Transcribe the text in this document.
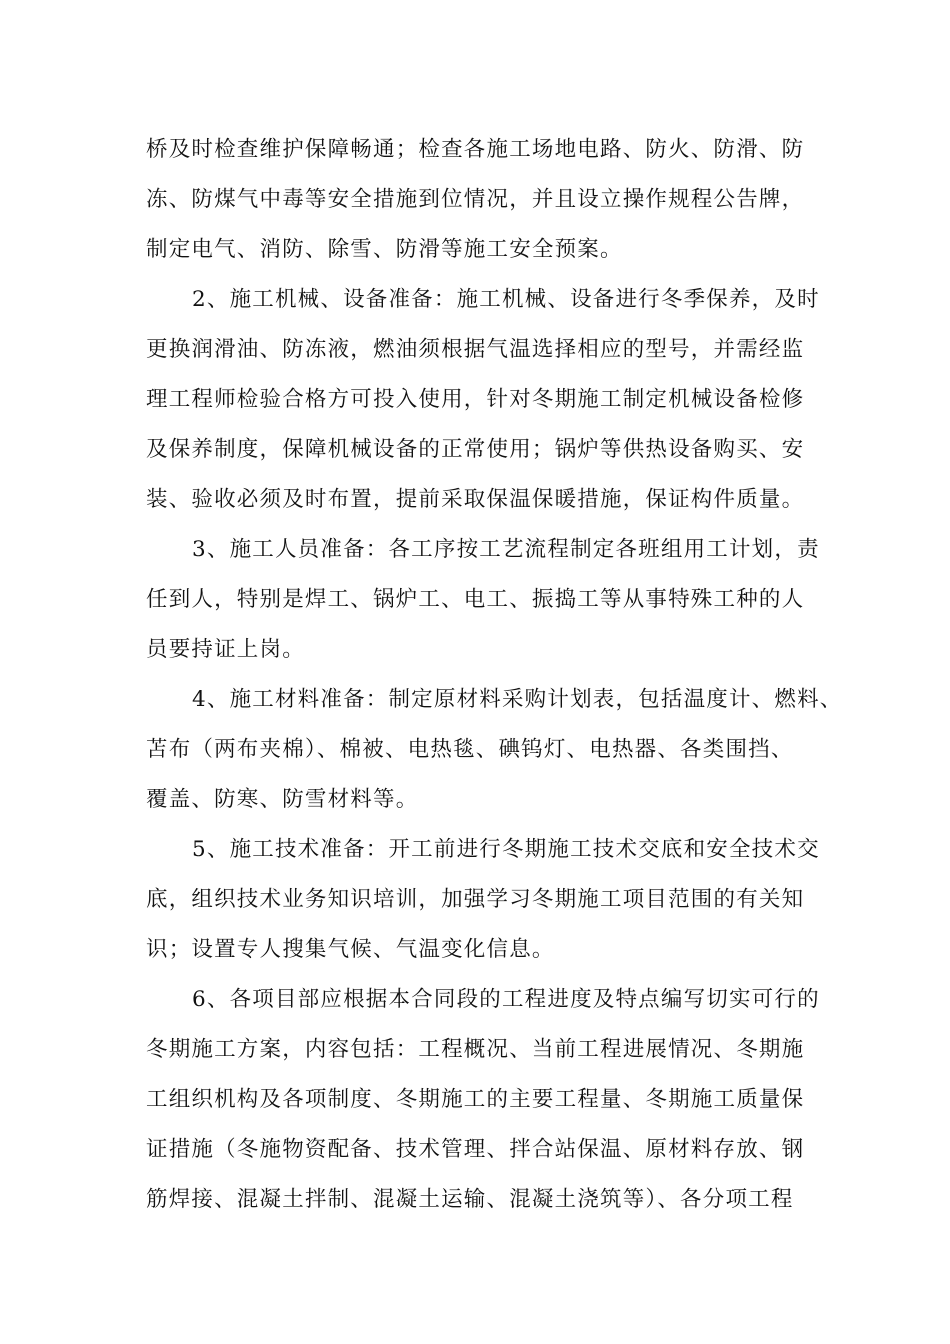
桥及时检查维护保障畅通；检查各施工场地电路、防火、防滑、防
冻、防煤气中毒等安全措施到位情况，并且设立操作规程公告牌，
制定电气、消防、除雪、防滑等施工安全预案。
2、施工机械、设备准备：施工机械、设备进行冬季保养，及时
更换润滑油、防冻液，燃油须根据气温选择相应的型号，并需经监
理工程师检验合格方可投入使用，针对冬期施工制定机械设备检修
及保养制度，保障机械设备的正常使用；锅炉等供热设备购买、安
装、验收必须及时布置，提前采取保温保暖措施，保证构件质量。
3、施工人员准备：各工序按工艺流程制定各班组用工计划，责
任到人，特别是焊工、锅炉工、电工、振捣工等从事特殊工种的人
员要持证上岗。
4、施工材料准备：制定原材料采购计划表，包括温度计、燃料、
苫布（两布夹棉）、棉被、电热毯、碘钨灯、电热器、各类围挡、
覆盖、防寒、防雪材料等。
5、施工技术准备：开工前进行冬期施工技术交底和安全技术交
底，组织技术业务知识培训，加强学习冬期施工项目范围的有关知
识；设置专人搜集气候、气温变化信息。
6、各项目部应根据本合同段的工程进度及特点编写切实可行的
冬期施工方案，内容包括：工程概况、当前工程进展情况、冬期施
工组织机构及各项制度、冬期施工的主要工程量、冬期施工质量保
证措施（冬施物资配备、技术管理、拌合站保温、原材料存放、钢
筋焊接、混凝土拌制、混凝土运输、混凝土浇筑等）、各分项工程
